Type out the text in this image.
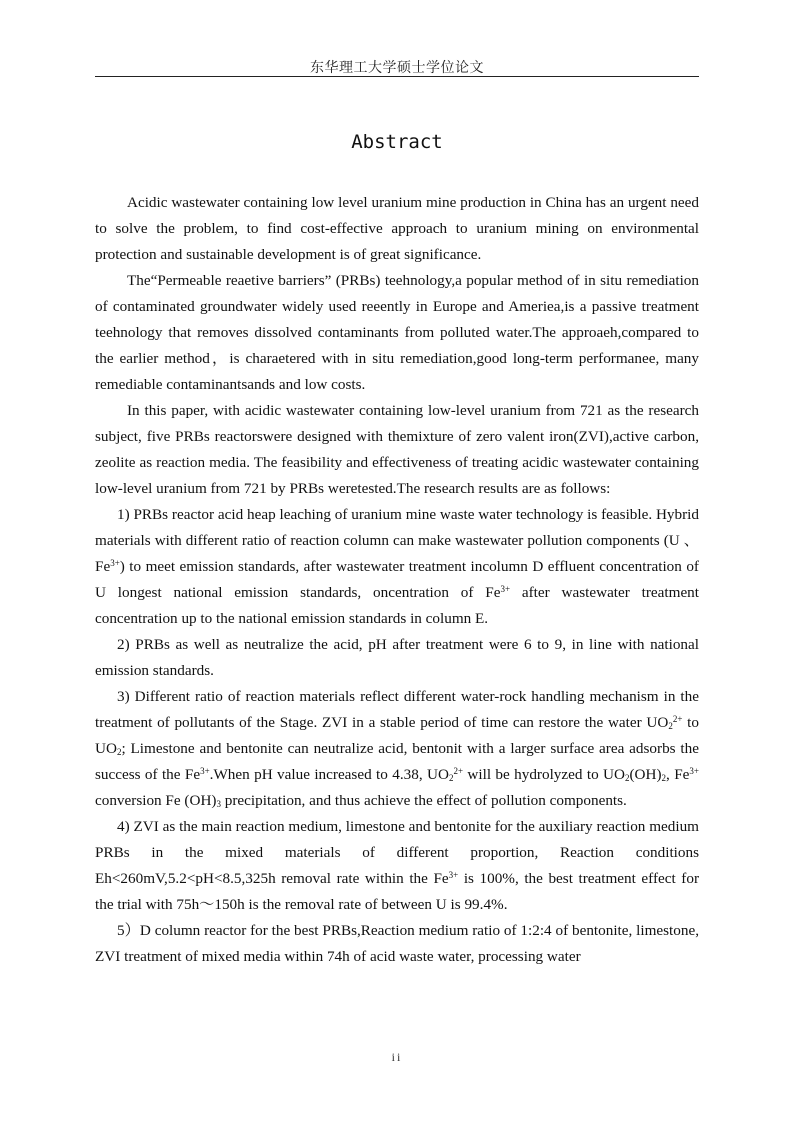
东华理工大学硕士学位论文
Abstract

Acidic wastewater containing low level uranium mine production in China has an urgent need to solve the problem, to find cost-effective approach to uranium mining on environmental protection and sustainable development is of great significance.

The“Permeable reaetive barriers” (PRBs) teehnology,a popular method of in situ remediation of contaminated groundwater widely used reeently in Europe and Ameriea,is a passive treatment teehnology that removes dissolved contaminants from polluted water.The approaeh,compared to the earlier method，is charaetered with in situ remediation,good long-term performanee, many remediable contaminantsands and low costs.

In this paper, with acidic wastewater containing low-level uranium from 721 as the research subject, five PRBs reactorswere designed with themixture of zero valent iron(ZVI),active carbon, zeolite as reaction media. The feasibility and effectiveness of treating acidic wastewater containing low-level uranium from 721 by PRBs weretested.The research results are as follows:

1) PRBs reactor acid heap leaching of uranium mine waste water technology is feasible. Hybrid materials with different ratio of reaction column can make wastewater pollution components (U 、$Fe^{3+}$) to meet emission standards, after wastewater treatment incolumn D effluent concentration of U longest national emission standards, oncentration of $Fe^{3+}$ after wastewater treatment concentration up to the national emission standards in column E.

2) PRBs as well as neutralize the acid, pH after treatment were 6 to 9, in line with national emission standards.

3) Different ratio of reaction materials reflect different water-rock handling mechanism in the treatment of pollutants of the Stage. ZVI in a stable period of time can restore the water $UO_2^{2+}$ to $UO_2$; Limestone and bentonite can neutralize acid, bentonit with a larger surface area adsorbs the success of the $Fe^{3+}.When$ pH value increased to 4.38, $UO_2^{2+}$ will be hydrolyzed to $UO_2(OH)_2$, $Fe^{3+}$ conversion Fe $(OH)_3$ precipitation, and thus achieve the effect of pollution components.

4) ZVI as the main reaction medium, limestone and bentonite for the auxiliary reaction medium PRBs in the mixed materials of different proportion, Reaction conditions Eh<260mV,5.2<pH<8.5,325h removal rate within the $Fe^{3+}$ is 100%, the best treatment effect for the trial with 75h～150h is the removal rate of between U is 99.4%.

5）D column reactor for the best PRBs,Reaction medium ratio of 1:2:4 of bentonite, limestone, ZVI treatment of mixed media within 74h of acid waste water, processing water

ii
